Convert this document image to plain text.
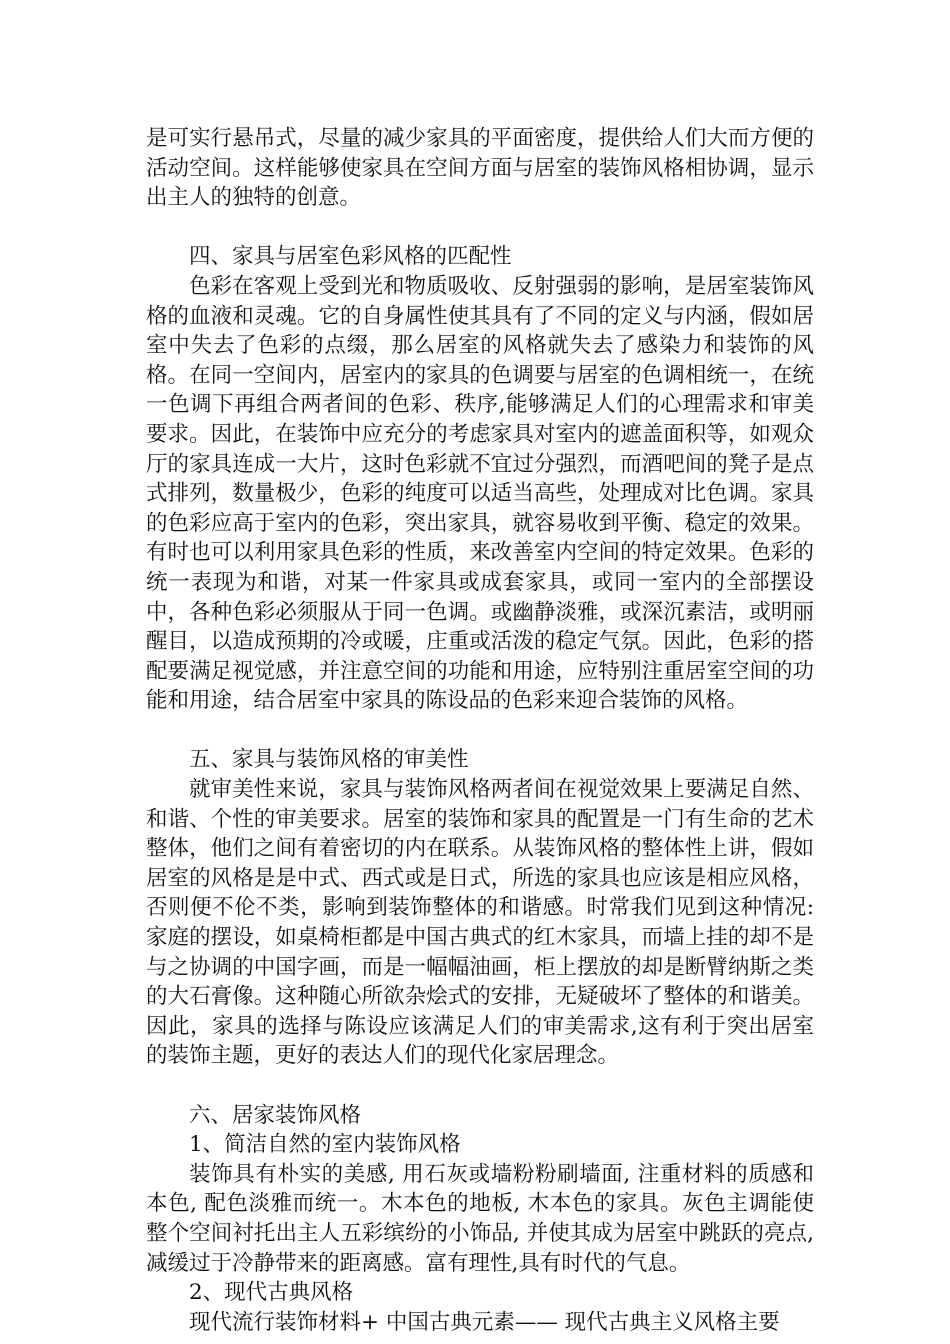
是可实行悬吊式，尽量的减少家具的平面密度，提供给人们大而方便的活动空间。这样能够使家具在空间方面与居室的装饰风格相协调，显示出主人的独特的创意。

四、家具与居室色彩风格的匹配性

色彩在客观上受到光和物质吸收、反射强弱的影响，是居室装饰风格的血液和灵魂。它的自身属性使其具有了不同的定义与内涵，假如居室中失去了色彩的点缀，那么居室的风格就失去了感染力和装饰的风格。在同一空间内，居室内的家具的色调要与居室的色调相统一，在统一色调下再组合两者间的色彩、秩序,能够满足人们的心理需求和审美要求。因此，在装饰中应充分的考虑家具对室内的遮盖面积等，如观众厅的家具连成一大片，这时色彩就不宜过分强烈，而酒吧间的凳子是点式排列，数量极少，色彩的纯度可以适当高些，处理成对比色调。家具的色彩应高于室内的色彩，突出家具，就容易收到平衡、稳定的效果。有时也可以利用家具色彩的性质，来改善室内空间的特定效果。色彩的统一表现为和谐，对某一件家具或成套家具，或同一室内的全部摆设中，各种色彩必须服从于同一色调。或幽静淡雅，或深沉素洁，或明丽醒目，以造成预期的冷或暖，庄重或活泼的稳定气氛。因此，色彩的搭配要满足视觉感，并注意空间的功能和用途，应特别注重居室空间的功能和用途，结合居室中家具的陈设品的色彩来迎合装饰的风格。

五、家具与装饰风格的审美性

就审美性来说，家具与装饰风格两者间在视觉效果上要满足自然、和谐、个性的审美要求。居室的装饰和家具的配置是一门有生命的艺术整体，他们之间有着密切的内在联系。从装饰风格的整体性上讲，假如居室的风格是是中式、西式或是日式，所选的家具也应该是相应风格，否则便不伦不类，影响到装饰整体的和谐感。时常我们见到这种情况:家庭的摆设，如桌椅柜都是中国古典式的红木家具，而墙上挂的却不是与之协调的中国字画，而是一幅幅油画，柜上摆放的却是断臂纳斯之类的大石膏像。这种随心所欲杂烩式的安排，无疑破坏了整体的和谐美。因此，家具的选择与陈设应该满足人们的审美需求,这有利于突出居室的装饰主题，更好的表达人们的现代化家居理念。

六、居家装饰风格

1、简洁自然的室内装饰风格

装饰具有朴实的美感, 用石灰或墙粉粉刷墙面, 注重材料的质感和本色, 配色淡雅而统一。木本色的地板, 木本色的家具。灰色主调能使整个空间衬托出主人五彩缤纷的小饰品, 并使其成为居室中跳跃的亮点, 减缓过于冷静带来的距离感。富有理性,具有时代的气息。

2、现代古典风格

现代流行装饰材料+ 中国古典元素—— 现代古典主义风格主要
